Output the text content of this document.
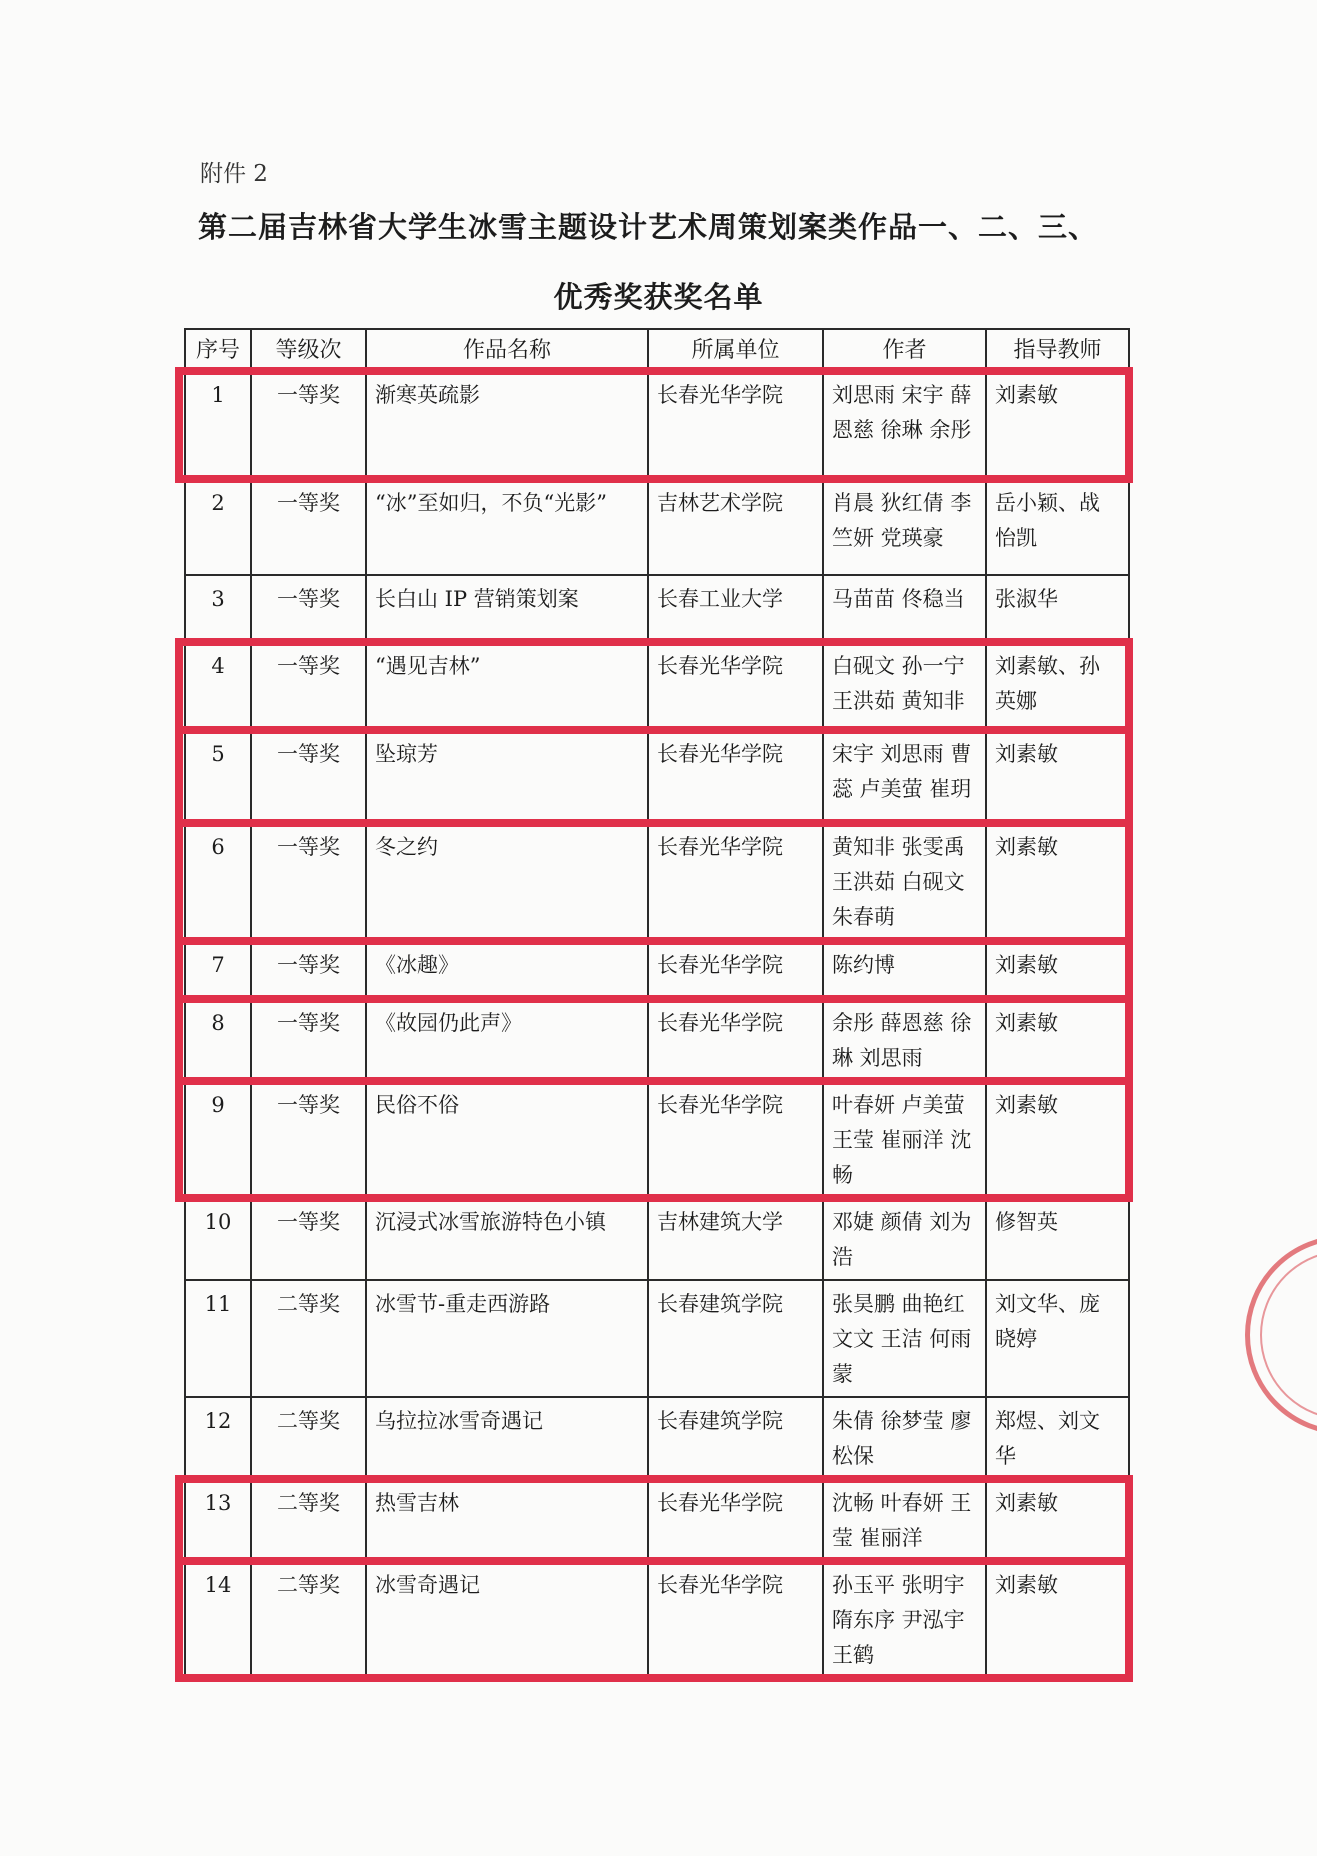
附件 2
第二届吉林省大学生冰雪主题设计艺术周策划案类作品一、二、三、
优秀奖获奖名单
序号	等级次	作品名称	所属单位	作者	指导教师
1	一等奖	渐寒英疏影	长春光华学院	刘思雨 宋宇 薛恩慈 徐琳 余彤	刘素敏
2	一等奖	“冰”至如归，不负“光影”	吉林艺术学院	肖晨 狄红倩 李竺妍 党瑛豪	岳小颖、战怡凯
3	一等奖	长白山 IP 营销策划案	长春工业大学	马苗苗 佟稳当	张淑华
4	一等奖	“遇见吉林”	长春光华学院	白砚文 孙一宁 王洪茹 黄知非	刘素敏、孙英娜
5	一等奖	坠琼芳	长春光华学院	宋宇 刘思雨 曹蕊 卢美萤 崔玥	刘素敏
6	一等奖	冬之约	长春光华学院	黄知非 张雯禹 王洪茹 白砚文 朱春萌	刘素敏
7	一等奖	《冰趣》	长春光华学院	陈约博	刘素敏
8	一等奖	《故园仍此声》	长春光华学院	余彤 薛恩慈 徐琳 刘思雨	刘素敏
9	一等奖	民俗不俗	长春光华学院	叶春妍 卢美萤 王莹 崔丽洋 沈畅	刘素敏
10	一等奖	沉浸式冰雪旅游特色小镇	吉林建筑大学	邓婕 颜倩 刘为浩	修智英
11	二等奖	冰雪节-重走西游路	长春建筑学院	张昊鹏 曲艳红 文文 王洁 何雨蒙	刘文华、庞晓婷
12	二等奖	乌拉拉冰雪奇遇记	长春建筑学院	朱倩 徐梦莹 廖松保	郑煜、刘文华
13	二等奖	热雪吉林	长春光华学院	沈畅 叶春妍 王莹 崔丽洋	刘素敏
14	二等奖	冰雪奇遇记	长春光华学院	孙玉平 张明宇 隋东序 尹泓宇 王鹤	刘素敏
